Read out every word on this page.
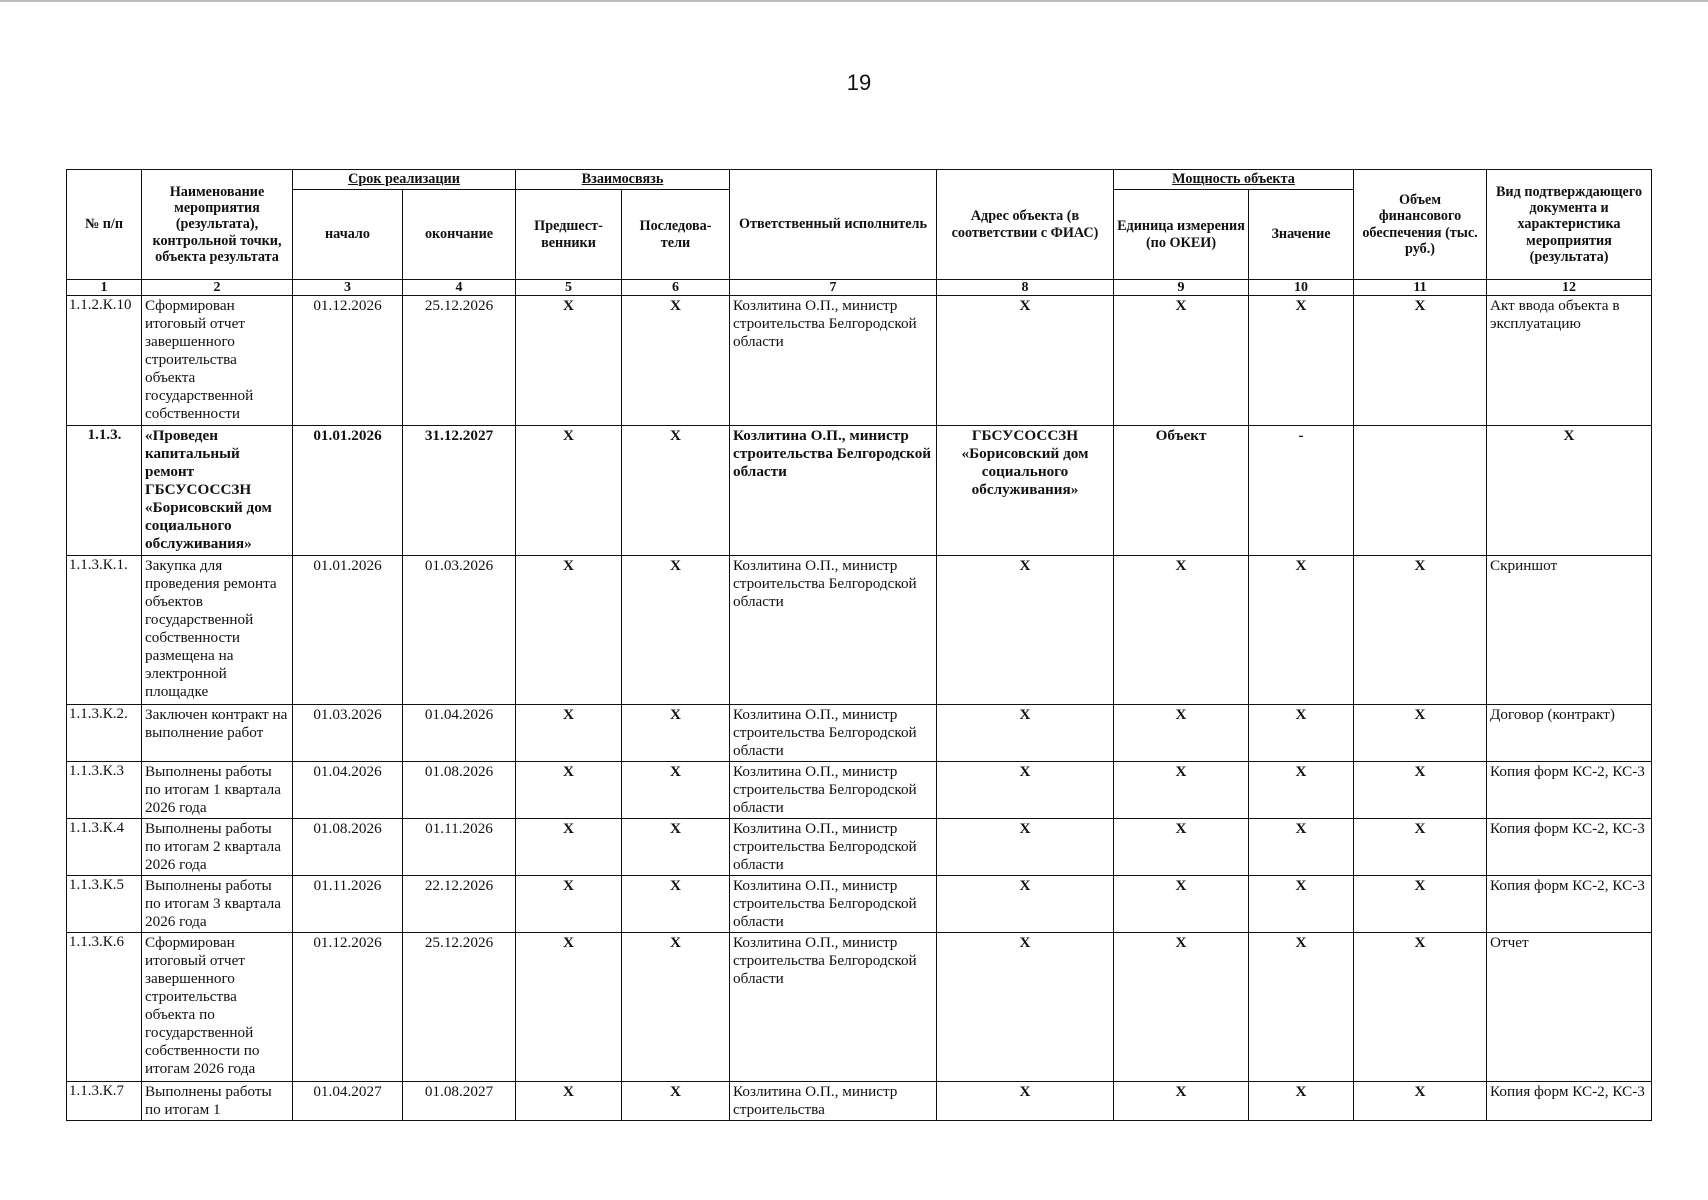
19
№ п/п	Наименование мероприятия (результата), контрольной точки, объекта результата	Срок реализации		Взаимосвязь		Ответственный исполнитель	Адрес объекта (в соответствии с ФИАС)	Мощность объекта		Объем финансового обеспечения (тыс. руб.)	Вид подтверждающего документа и характеристика мероприятия (результата)
		начало	окончание	Предшест-венники	Последова-тели			Единица измерения (по ОКЕИ)	Значение		
1	2	3	4	5	6	7	8	9	10	11	12
1.1.2.К.10	Сформирован итоговый отчет завершенного строительства объекта государственной собственности	01.12.2026	25.12.2026	X	X	Козлитина О.П., министр строительства Белгородской области	X	X	X	X	Акт ввода объекта в эксплуатацию
1.1.3.	«Проведен капитальный ремонт ГБСУСОССЗН «Борисовский дом социального обслуживания»	01.01.2026	31.12.2027	X	X	Козлитина О.П., министр строительства Белгородской области	ГБСУСОССЗН «Борисовский дом социального обслуживания»	Объект	-		X
1.1.3.К.1.	Закупка для проведения ремонта объектов государственной собственности размещена на электронной площадке	01.01.2026	01.03.2026	X	X	Козлитина О.П., министр строительства Белгородской области	X	X	X	X	Скриншот
1.1.3.К.2.	Заключен контракт на выполнение работ	01.03.2026	01.04.2026	X	X	Козлитина О.П., министр строительства Белгородской области	X	X	X	X	Договор (контракт)
1.1.3.К.3	Выполнены работы по итогам 1 квартала 2026 года	01.04.2026	01.08.2026	X	X	Козлитина О.П., министр строительства Белгородской области	X	X	X	X	Копия форм КС-2, КС-3
1.1.3.К.4	Выполнены работы по итогам 2 квартала 2026 года	01.08.2026	01.11.2026	X	X	Козлитина О.П., министр строительства Белгородской области	X	X	X	X	Копия форм КС-2, КС-3
1.1.3.К.5	Выполнены работы по итогам 3 квартала 2026 года	01.11.2026	22.12.2026	X	X	Козлитина О.П., министр строительства Белгородской области	X	X	X	X	Копия форм КС-2, КС-3
1.1.3.К.6	Сформирован итоговый отчет завершенного строительства объекта по государственной собственности по итогам 2026 года	01.12.2026	25.12.2026	X	X	Козлитина О.П., министр строительства Белгородской области	X	X	X	X	Отчет
1.1.3.К.7	Выполнены работы по итогам 1	01.04.2027	01.08.2027	X	X	Козлитина О.П., министр строительства	X	X	X	X	Копия форм КС-2, КС-3
